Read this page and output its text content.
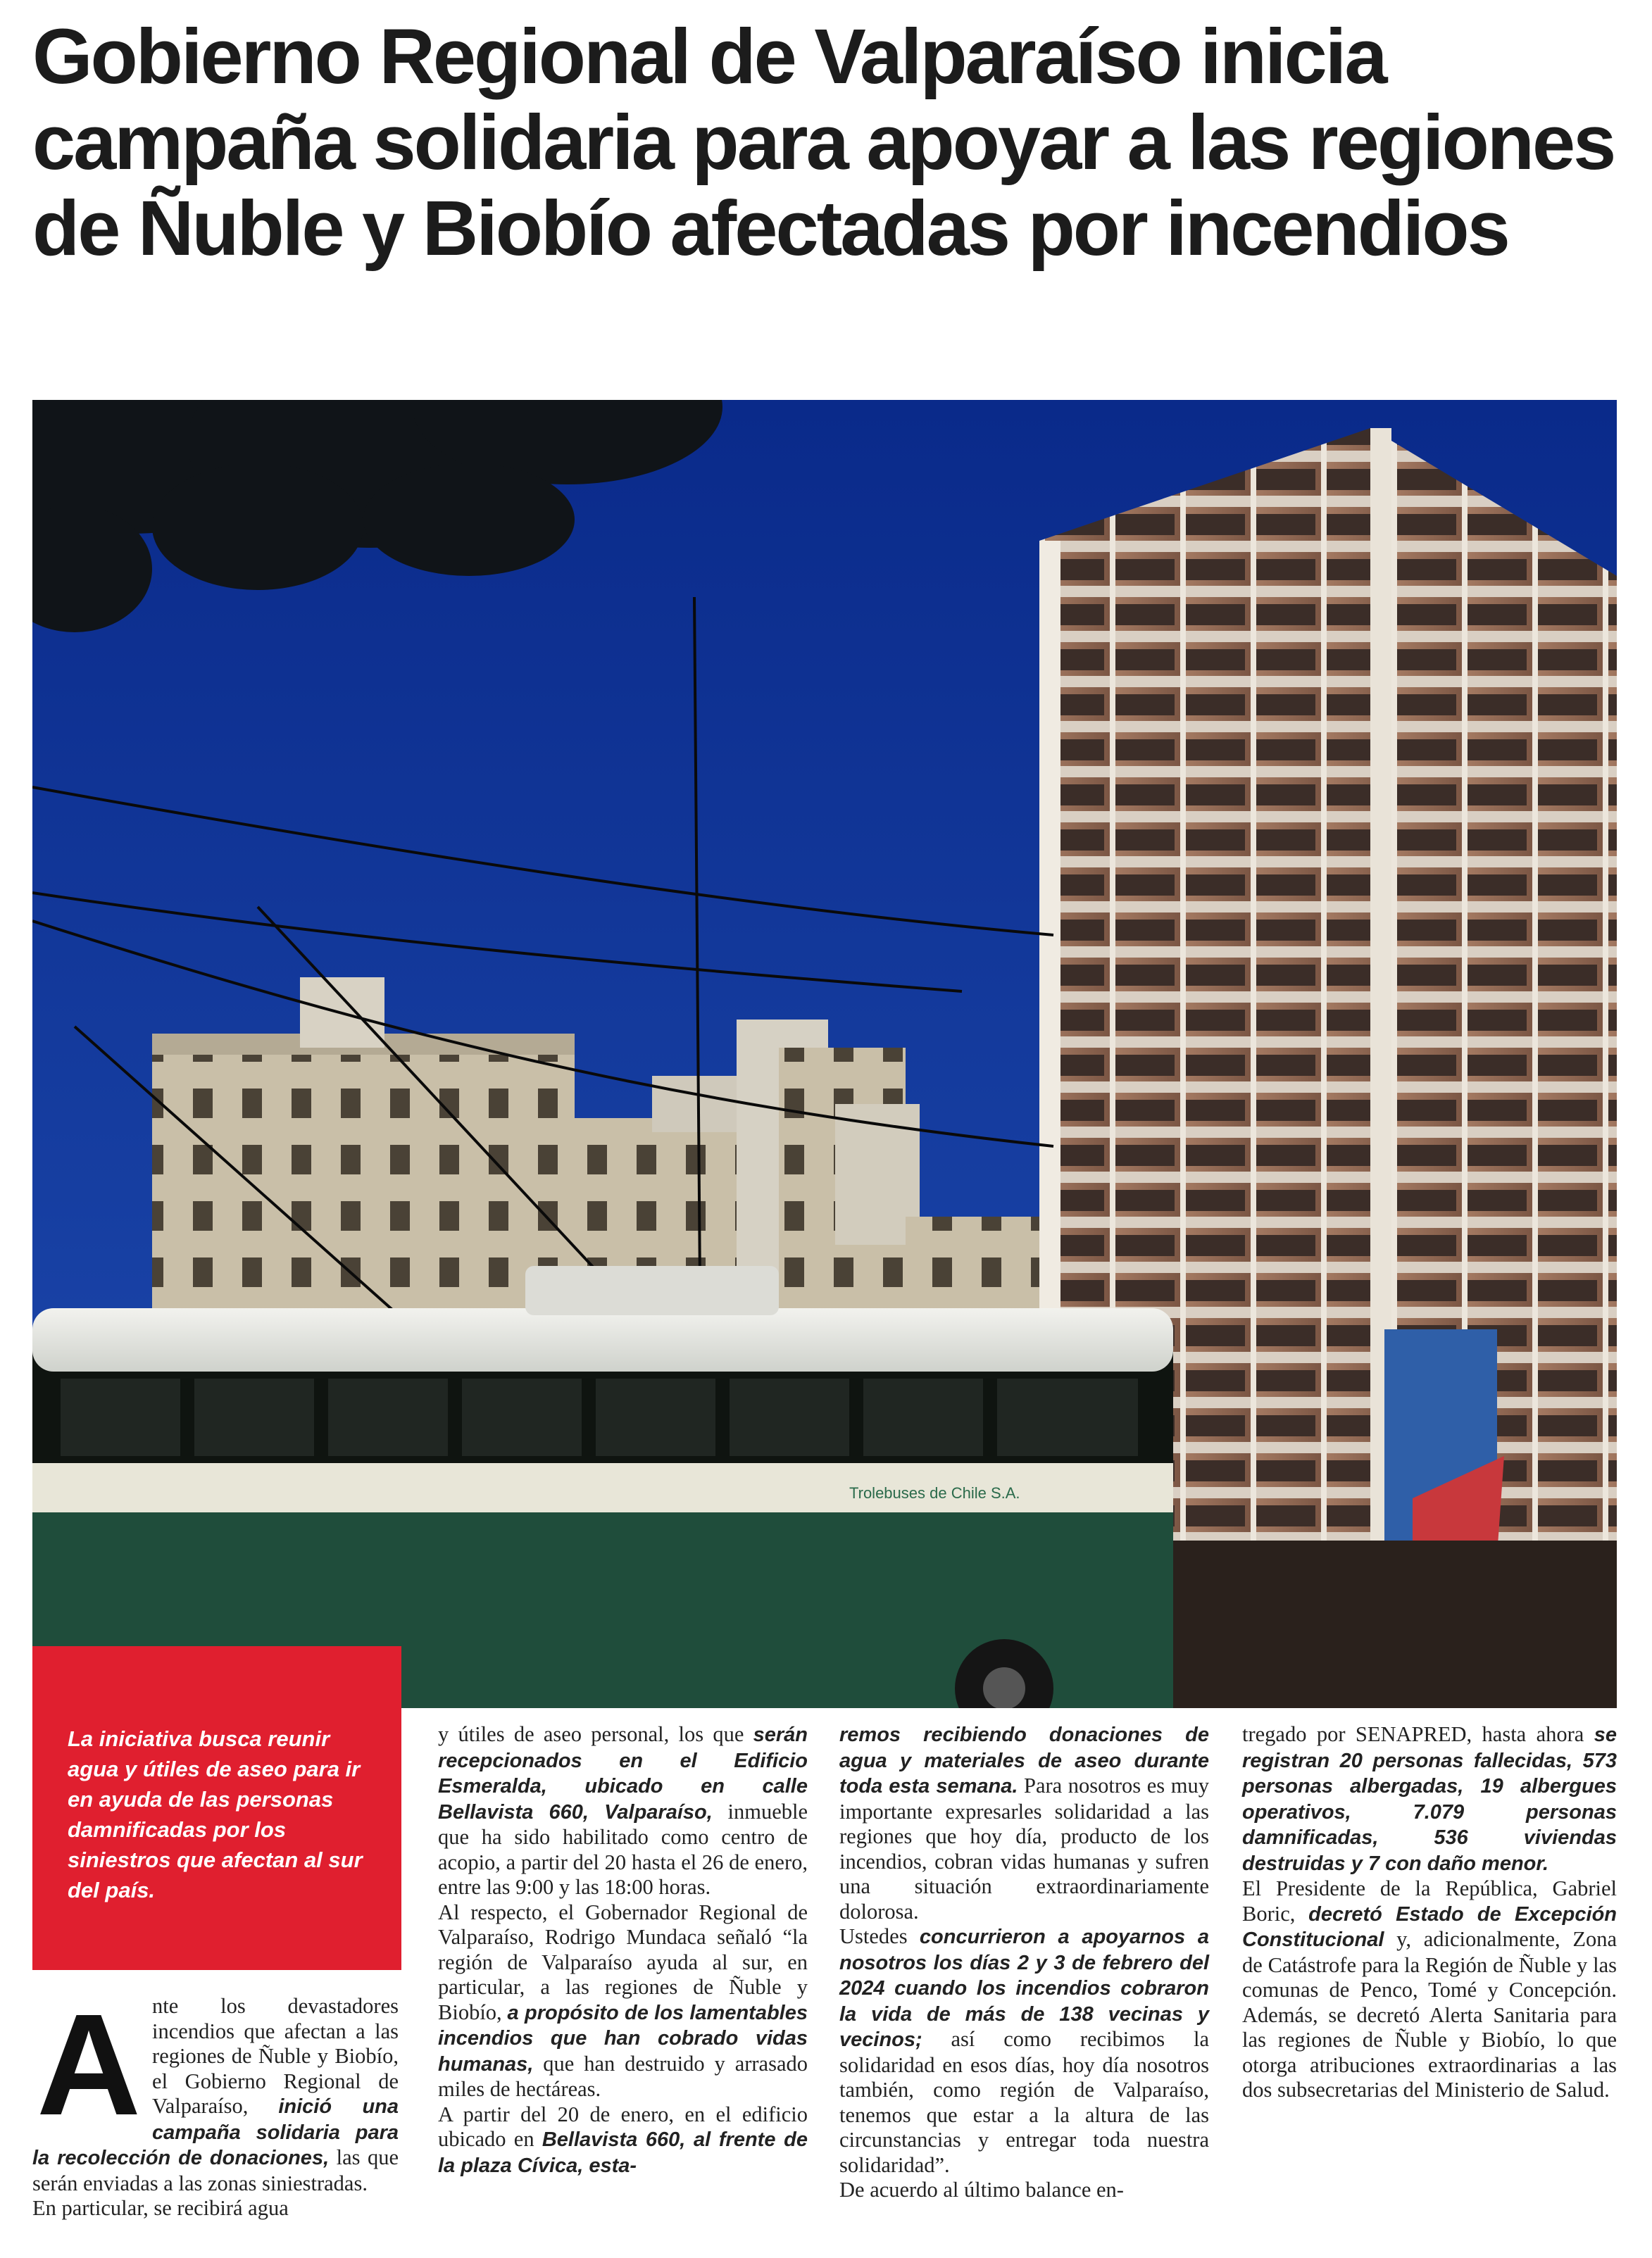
Gobierno Regional de Valparaíso inicia campaña solidaria para apoyar a las regiones de Ñuble y Biobío afectadas por incendios
Trolebuses de Chile S.A.

La iniciativa busca reunir agua y útiles de aseo para ir en ayuda de las personas damnificadas por los siniestros que afectan al sur del país.

Ante los devastadores incendios que afectan a las regiones de Ñuble y Biobío, el Gobierno Regional de Valparaíso, inició una campaña solidaria para la recolección de donaciones, las que serán enviadas a las zonas siniestradas.

En particular, se recibirá agua

y útiles de aseo personal, los que serán recepcionados en el Edificio Esmeralda, ubicado en calle Bellavista 660, Valparaíso, inmueble que ha sido habilitado como centro de acopio, a partir del 20 hasta el 26 de enero, entre las 9:00 y las 18:00 horas.

Al respecto, el Gobernador Regional de Valparaíso, Rodrigo Mundaca señaló “la región de Valparaíso ayuda al sur, en particular, a las regiones de Ñuble y Biobío, a propósito de los lamentables incendios que han cobrado vidas humanas, que han destruido y arrasado miles de hectáreas.

A partir del 20 de enero, en el edificio ubicado en Bellavista 660, al frente de la plaza Cívica, esta-

remos recibiendo donaciones de agua y materiales de aseo durante toda esta semana. Para nosotros es muy importante expresarles solidaridad a las regiones que hoy día, producto de los incendios, cobran vidas humanas y sufren una situación extraordinariamente dolorosa.

Ustedes concurrieron a apoyarnos a nosotros los días 2 y 3 de febrero del 2024 cuando los incendios cobraron la vida de más de 138 vecinas y vecinos; así como recibimos la solidaridad en esos días, hoy día nosotros también, como región de Valparaíso, tenemos que estar a la altura de las circunstancias y entregar toda nuestra solidaridad”.

De acuerdo al último balance en-

tregado por SENAPRED, hasta ahora se registran 20 personas fallecidas, 573 personas albergadas, 19 albergues operativos, 7.079 personas damnificadas, 536 viviendas destruidas y 7 con daño menor.

El Presidente de la República, Gabriel Boric, decretó Estado de Excepción Constitucional y, adicionalmente, Zona de Catástrofe para la Región de Ñuble y las comunas de Penco, Tomé y Concepción. Además, se decretó Alerta Sanitaria para las regiones de Ñuble y Biobío, lo que otorga atribuciones extraordinarias a las dos subsecretarias del Ministerio de Salud.
